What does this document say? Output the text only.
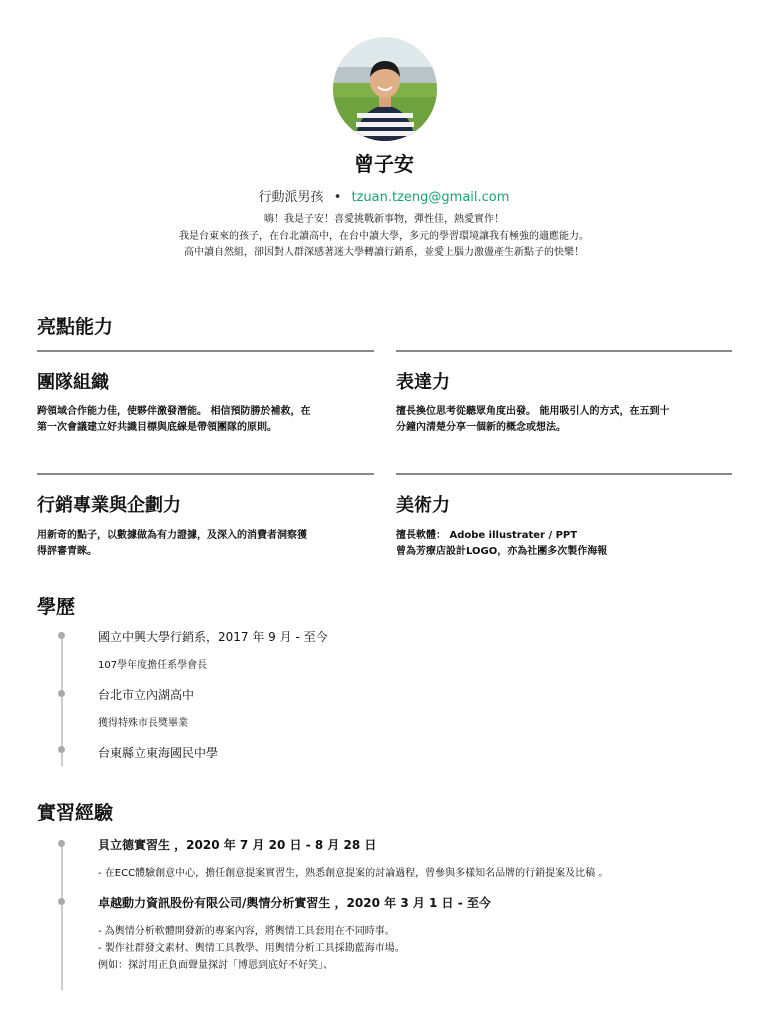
曾子安
行動派男孩 • tzuan.tzeng@gmail.com
嗨！我是子安！喜愛挑戰新事物，彈性佳，熱愛實作！
我是台東來的孩子，在台北讀高中，在台中讀大學，多元的學習環境讓我有極強的適應能力。
高中讀自然組，卻因對人群深感著迷大學轉讀行銷系，並愛上腦力激盪產生新點子的快樂！
亮點能力
團隊組織
跨領域合作能力佳，使夥伴激發潛能。 相信預防勝於補救，在
第一次會議建立好共識目標與底線是帶領團隊的原則。
表達力
擅長換位思考從聽眾角度出發。 能用吸引人的方式，在五到十
分鐘內清楚分享一個新的概念或想法。
行銷專業與企劃力
用新奇的點子，以數據做為有力證據，及深入的消費者洞察獲
得評審青睞。
美術力
擅長軟體： Adobe illustrater / PPT
曾為芳療店設計LOGO，亦為社團多次製作海報
學歷
國立中興大學行銷系，2017 年 9 月 - 至今
107學年度擔任系學會長
台北市立內湖高中
獲得特殊市長獎畢業
台東縣立東海國民中學
實習經驗
貝立德實習生 ，2020 年 7 月 20 日 - 8 月 28 日
- 在ECC體驗創意中心，擔任創意提案實習生，熟悉創意提案的討論過程，曾參與多樣知名品牌的行銷提案及比稿 。
卓越動力資訊股份有限公司/輿情分析實習生 ，2020 年 3 月 1 日 - 至今
- 為輿情分析軟體開發新的專案內容，將輿情工具套用在不同時事。
- 製作社群發文素材、輿情工具教學、用輿情分析工具採勘藍海市場。
例如：探討用正負面聲量探討「博恩到底好不好笑」、
